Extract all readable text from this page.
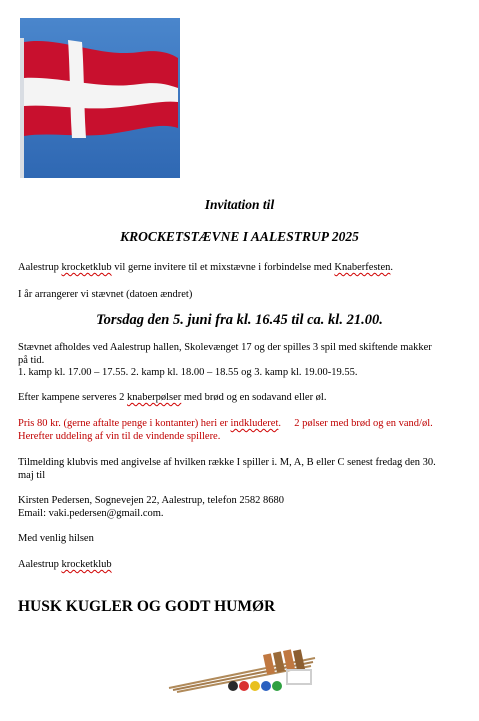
Invitation til
KROCKETSTÆVNE I AALESTRUP 2025
Aalestrup krocketklub vil gerne invitere til et mixstævne i forbindelse med Knaberfesten.
I år arrangerer vi stævnet (datoen ændret)
Torsdag den 5. juni fra kl. 16.45 til ca. kl. 21.00.
Stævnet afholdes ved Aalestrup hallen, Skolevænget 17 og der spilles 3 spil med skiftende makker
på tid.
1. kamp kl. 17.00 – 17.55. 2. kamp kl. 18.00 – 18.55 og 3. kamp kl. 19.00-19.55.
Efter kampene serveres 2 knaberpølser med brød og en sodavand eller øl.
Pris 80 kr. (gerne aftalte penge i kontanter) heri er indkluderet.  2 pølser med brød og en vand/øl.
Herefter uddeling af vin til de vindende spillere.
Tilmelding klubvis med angivelse af hvilken række I spiller i. M, A, B eller C senest fredag den 30.
maj til
Kirsten Pedersen, Sognevejen 22, Aalestrup, telefon 2582 8680
Email: vaki.pedersen@gmail.com.
Med venlig hilsen
Aalestrup krocketklub
HUSK KUGLER OG GODT HUMØR
